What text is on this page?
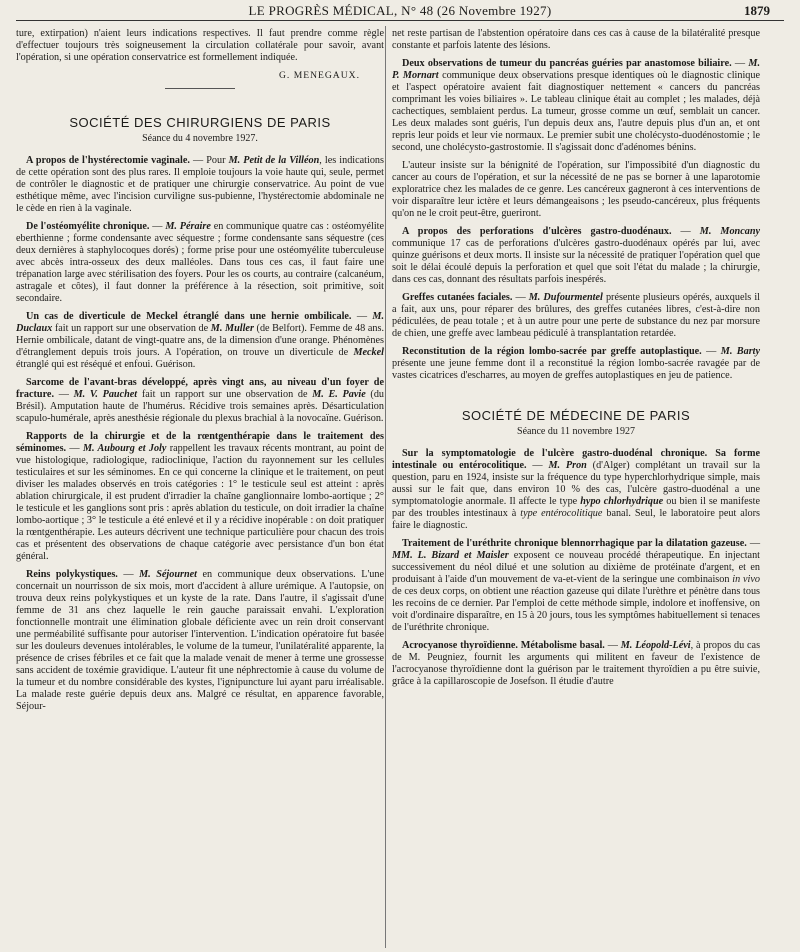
LE PROGRÈS MÉDICAL, N° 48 (26 Novembre 1927)	1879

ture, extirpation) n'aient leurs indications respectives. Il faut prendre comme règle d'effectuer toujours très soigneusement la circulation collatérale pour savoir, avant l'opération, si une opération conservatrice est formellement indiquée.

G. MENEGAUX.
SOCIÉTÉ DES CHIRURGIENS DE PARIS
Séance du 4 novembre 1927.

A propos de l'hystérectomie vaginale. — Pour M. Petit de la Villéon, les indications de cette opération sont des plus rares. Il emploie toujours la voie haute qui, seule, permet de contrôler le diagnostic et de pratiquer une chirurgie conservatrice. Au point de vue esthétique même, avec l'incision curviligne sus-pubienne, l'hystérectomie abdominale ne le cède en rien à la vaginale.

De l'ostéomyélite chronique. — M. Péraire en communique quatre cas : ostéomyélite eberthienne ; forme condensante avec séquestre ; forme condensante sans séquestre (ces deux dernières à staphylocoques dorés) ; forme prise pour une ostéomyélite tuberculeuse avec abcès intra-osseux des deux malléoles. Dans tous ces cas, il faut faire une trépanation large avec stérilisation des foyers. Pour les os courts, au contraire (calcanéum, astragale et côtes), il faut donner la préférence à la résection, soit primitive, soit secondaire.

Un cas de diverticule de Meckel étranglé dans une hernie ombilicale. — M. Duclaux fait un rapport sur une observation de M. Muller (de Belfort). Femme de 48 ans. Hernie ombilicale, datant de vingt-quatre ans, de la dimension d'une orange. Phénomènes d'étranglement depuis trois jours. A l'opération, on trouve un diverticule de Meckel étranglé qui est réséqué et enfoui. Guérison.

Sarcome de l'avant-bras développé, après vingt ans, au niveau d'un foyer de fracture. — M. V. Pauchet fait un rapport sur une observation de M. E. Pavie (du Brésil). Amputation haute de l'humérus. Récidive trois semaines après. Désarticulation scapulo-humérale, après anesthésie régionale du plexus brachial à la novocaïne. Guérison.

Rapports de la chirurgie et de la rœntgenthérapie dans le traitement des séminomes. — M. Aubourg et Joly rappellent les travaux récents montrant, au point de vue histologique, radiologique, radioclinique, l'action du rayonnement sur les cellules testiculaires et sur les séminomes. En ce qui concerne la clinique et le traitement, on peut diviser les malades observés en trois catégories : 1° le testicule seul est atteint : après ablation chirurgicale, il est prudent d'irradier la chaîne ganglionnaire lombo-aortique ; 2° le testicule et les ganglions sont pris : après ablation du testicule, on doit irradier la chaîne lombo-aortique ; 3° le testicule a été enlevé et il y a récidive inopérable : on doit pratiquer la rœntgenthérapie. Les auteurs décrivent une technique particulière pour chacun des trois cas et présentent des observations de chaque catégorie avec persistance d'un bon état général.

Reins polykystiques. — M. Séjournet en communique deux observations. L'une concernait un nourrisson de six mois, mort d'accident à allure urémique. A l'autopsie, on trouva deux reins polykystiques et un kyste de la rate. Dans l'autre, il s'agissait d'une femme de 31 ans chez laquelle le rein gauche paraissait envahi. L'exploration fonctionnelle montrait une élimination globale déficiente avec un rein droit conservant une perméabilité suffisante pour autoriser l'intervention. L'indication opératoire fut basée sur les douleurs devenues intolérables, le volume de la tumeur, l'unilatéralité apparente, la présence de crises fébriles et ce fait que la malade venait de mener à terme une grossesse sans accident de toxémie gravidique. L'auteur fit une néphrectomie à cause du volume de la tumeur et du nombre considérable des kystes, l'ignipuncture lui ayant paru irréalisable. La malade reste guérie depuis deux ans. Malgré ce résultat, en apparence favorable, Séjour-

net reste partisan de l'abstention opératoire dans ces cas à cause de la bilatéralité presque constante et parfois latente des lésions.

Deux observations de tumeur du pancréas guéries par anastomose biliaire. — M. P. Mornart communique deux observations presque identiques où le diagnostic clinique et l'aspect opératoire avaient fait diagnostiquer nettement « cancers du pancréas comprimant les voies biliaires ». Le tableau clinique était au complet ; les malades, déjà cachectiques, semblaient perdus. La tumeur, grosse comme un œuf, semblait un cancer. Les deux malades sont guéris, l'un depuis deux ans, l'autre depuis plus d'un an, et ont repris leur poids et leur vie normaux. Le premier subit une cholécysto-duodénostomie ; le second, une cholécysto-gastrostomie. Il s'agissait donc d'adénomes bénins.

L'auteur insiste sur la bénignité de l'opération, sur l'impossibité d'un diagnostic du cancer au cours de l'opération, et sur la nécessité de ne pas se borner à une laparotomie exploratrice chez les malades de ce genre. Les cancéreux gagneront à ces interventions de voir disparaître leur ictère et leurs démangeaisons ; les pseudo-cancéreux, plus fréquents qu'on ne le croit peut-être, gueriront.

A propos des perforations d'ulcères gastro-duodénaux. — M. Moncany communique 17 cas de perforations d'ulcères gastro-duodénaux opérés par lui, avec quinze guérisons et deux morts. Il insiste sur la nécessité de pratiquer l'opération quel que soit le délai écoulé depuis la perforation et quel que soit l'état du malade ; la chirurgie, dans ces cas, donnant des résultats parfois inespérés.

Greffes cutanées faciales. — M. Dufourmentel présente plusieurs opérés, auxquels il a fait, aux uns, pour réparer des brûlures, des greffes cutanées libres, c'est-à-dire non pédiculées, de peau totale ; et à un autre pour une perte de substance du nez par morsure de chien, une greffe avec lambeau pédiculé à transplantation retardée.

Reconstitution de la région lombo-sacrée par greffe autoplastique. — M. Barty présente une jeune femme dont il a reconstitué la région lombo-sacrée ravagée par de vastes cicatrices d'escharres, au moyen de greffes autoplastiques en jeu de patience.

SOCIÉTÉ DE MÉDECINE DE PARIS
Séance du 11 novembre 1927

Sur la symptomatologie de l'ulcère gastro-duodénal chronique. Sa forme intestinale ou entérocolitique. — M. Pron (d'Alger) complétant un travail sur la question, paru en 1924, insiste sur la fréquence du type hyperchlorhydrique simple, mais aussi sur le fait que, dans environ 10 % des cas, l'ulcère gastro-duodénal a une symptomatologie anormale. Il affecte le type hypo chlorhydrique ou bien il se manifeste par des troubles intestinaux à type entérocolitique banal. Seul, le laboratoire peut alors faire le diagnostic.

Traitement de l'uréthrite chronique blennorrhagique par la dilatation gazeuse. — MM. L. Bizard et Maisler exposent ce nouveau procédé thérapeutique. En injectant successivement du néol dilué et une solution au dixième de protéinate d'argent, et en produisant à l'aide d'un mouvement de va-et-vient de la seringue une combinaison in vivo de ces deux corps, on obtient une réaction gazeuse qui dilate l'urèthre et pénètre dans tous les recoins de ce dernier. Par l'emploi de cette méthode simple, indolore et inoffensive, on voit d'ordinaire disparaître, en 15 à 20 jours, tous les symptômes habituellement si tenaces de l'uréthrite chronique.

Acrocyanose thyroïdienne. Métabolisme basal. — M. Léopold-Lévi, à propos du cas de M. Peugniez, fournit les arguments qui militent en faveur de l'existence de l'acrocyanose thyroïdienne dont la guérison par le traitement thyroïdien a pu être suivie, grâce à la capillaroscopie de Josefson. Il étudie d'autre
